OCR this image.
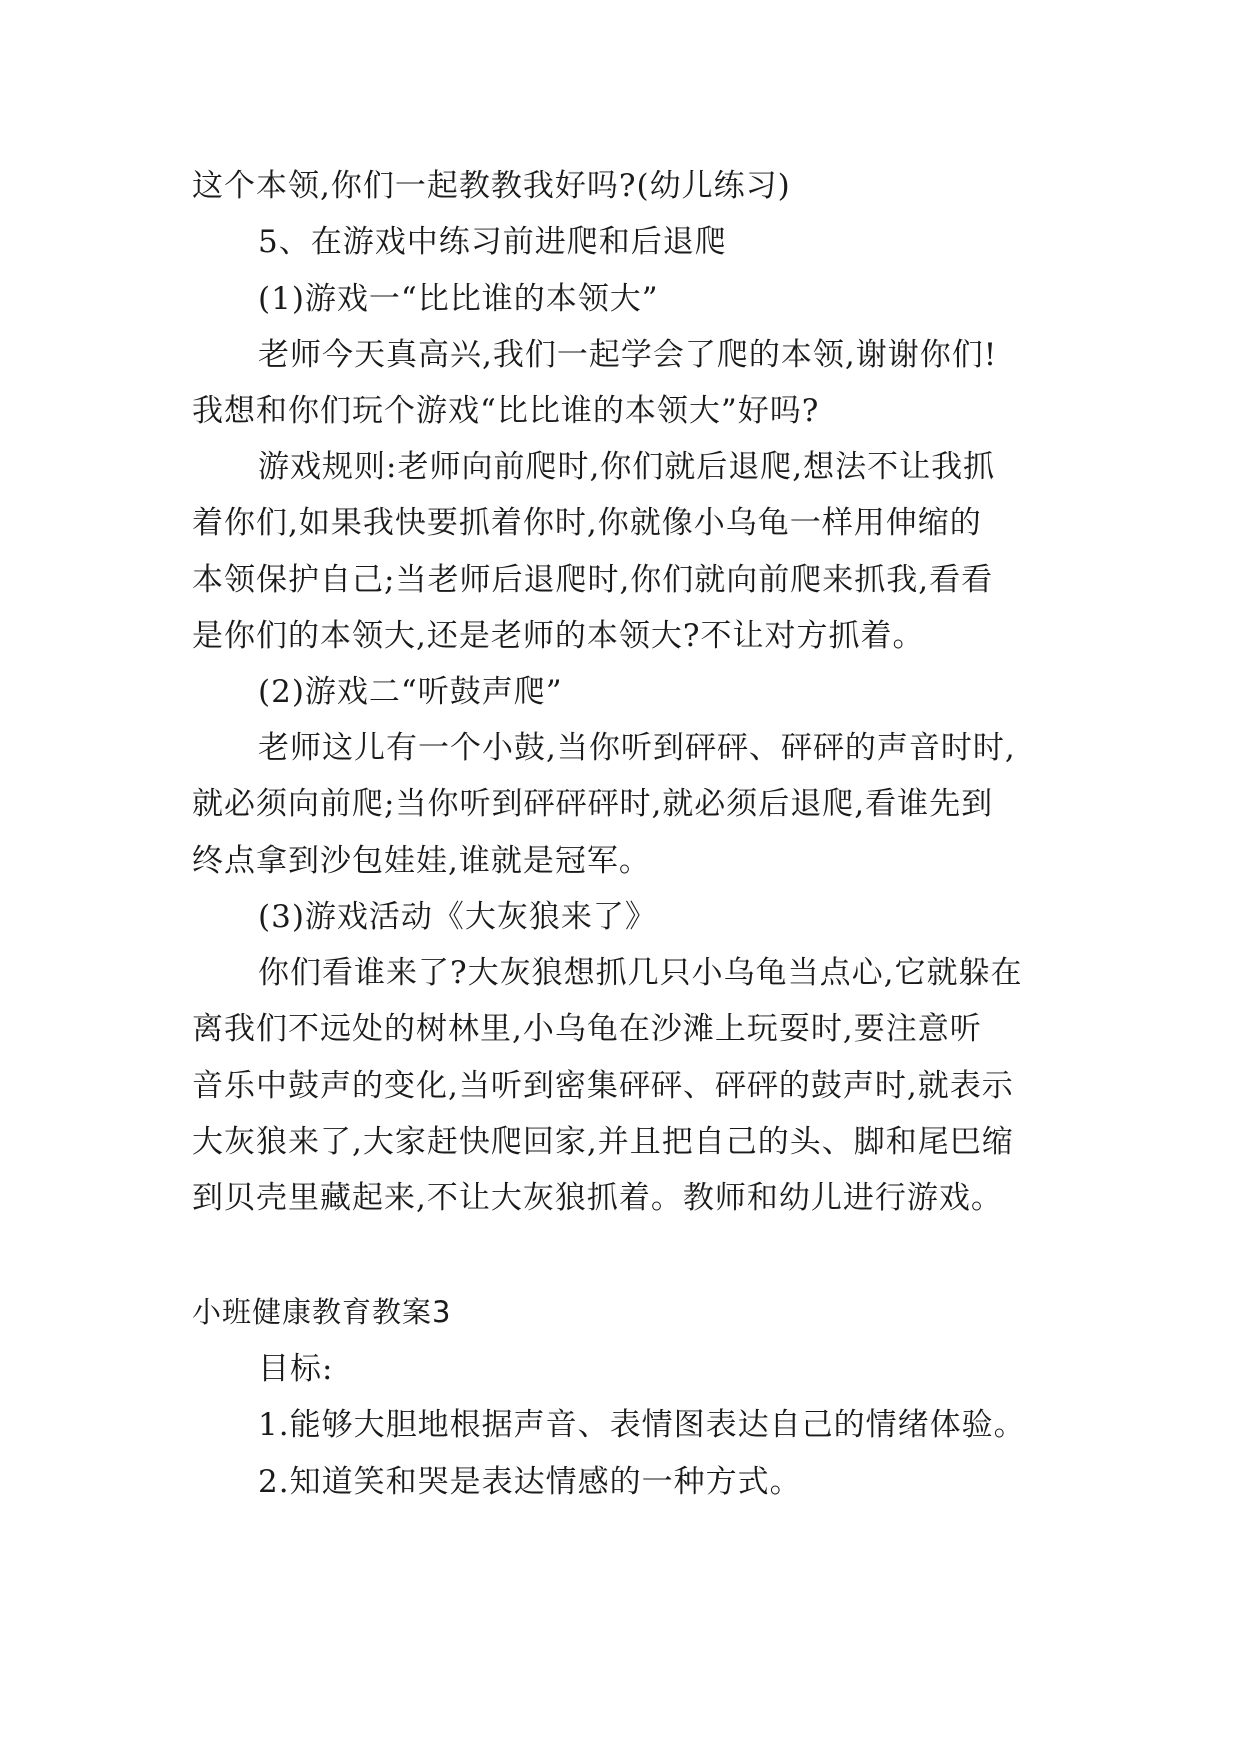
这个本领,你们一起教教我好吗?(幼儿练习)
5、在游戏中练习前进爬和后退爬
(1)游戏一“比比谁的本领大”
老师今天真高兴,我们一起学会了爬的本领,谢谢你们!
我想和你们玩个游戏“比比谁的本领大”好吗?
游戏规则:老师向前爬时,你们就后退爬,想法不让我抓
着你们,如果我快要抓着你时,你就像小乌龟一样用伸缩的
本领保护自己;当老师后退爬时,你们就向前爬来抓我,看看
是你们的本领大,还是老师的本领大?不让对方抓着。
(2)游戏二“听鼓声爬”
老师这儿有一个小鼓,当你听到砰砰、砰砰的声音时时,
就必须向前爬;当你听到砰砰砰时,就必须后退爬,看谁先到
终点拿到沙包娃娃,谁就是冠军。
(3)游戏活动《大灰狼来了》
你们看谁来了?大灰狼想抓几只小乌龟当点心,它就躲在
离我们不远处的树林里,小乌龟在沙滩上玩耍时,要注意听
音乐中鼓声的变化,当听到密集砰砰、砰砰的鼓声时,就表示
大灰狼来了,大家赶快爬回家,并且把自己的头、脚和尾巴缩
到贝壳里藏起来,不让大灰狼抓着。教师和幼儿进行游戏。
小班健康教育教案3
目标:
1.能够大胆地根据声音、表情图表达自己的情绪体验。
2.知道笑和哭是表达情感的一种方式。
